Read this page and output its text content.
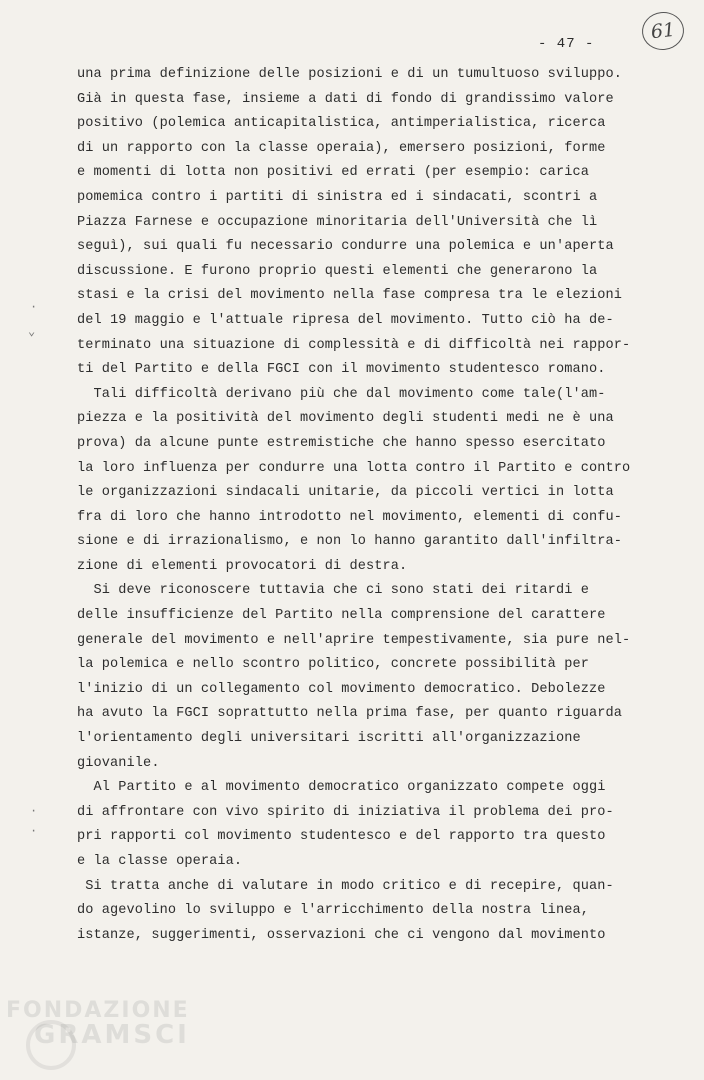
- 47 -
61
·
⌄
·
·
una prima definizione delle posizioni e di un tumultuoso sviluppo.
Già in questa fase, insieme a dati di fondo di grandissimo valore
positivo (polemica anticapitalistica, antimperialistica, ricerca
di un rapporto con la classe operaia), emersero posizioni, forme
e momenti di lotta non positivi ed errati (per esempio: carica
pomemica contro i partiti di sinistra ed i sindacati, scontri a
Piazza Farnese e occupazione minoritaria dell'Università che lì
seguì), sui quali fu necessario condurre una polemica e un'aperta
discussione. E furono proprio questi elementi che generarono la
stasi e la crisi del movimento nella fase compresa tra le elezioni
del 19 maggio e l'attuale ripresa del movimento. Tutto ciò ha de-
terminato una situazione di complessità e di difficoltà nei rappor-
ti del Partito e della FGCI con il movimento studentesco romano.
Tali difficoltà derivano più che dal movimento come tale(l'am-
piezza e la positività del movimento degli studenti medi ne è una
prova) da alcune punte estremistiche che hanno spesso esercitato
la loro influenza per condurre una lotta contro il Partito e contro
le organizzazioni sindacali unitarie, da piccoli vertici in lotta
fra di loro che hanno introdotto nel movimento, elementi di confu-
sione e di irrazionalismo, e non lo hanno garantito dall'infiltra-
zione di elementi provocatori di destra.
Si deve riconoscere tuttavia che ci sono stati dei ritardi e
delle insufficienze del Partito nella comprensione del carattere
generale del movimento e nell'aprire tempestivamente, sia pure nel-
la polemica e nello scontro politico, concrete possibilità per
l'inizio di un collegamento col movimento democratico. Debolezze
ha avuto la FGCI soprattutto nella prima fase, per quanto riguarda
l'orientamento degli universitari iscritti all'organizzazione
giovanile.
Al Partito e al movimento democratico organizzato compete oggi
di affrontare con vivo spirito di iniziativa il problema dei pro-
pri rapporti col movimento studentesco e del rapporto tra questo
e la classe operaia.
Si tratta anche di valutare in modo critico e di recepire, quan-
do agevolino lo sviluppo e l'arricchimento della nostra linea,
istanze, suggerimenti, osservazioni che ci vengono dal movimento
FONDAZIONE
GRAMSCI
